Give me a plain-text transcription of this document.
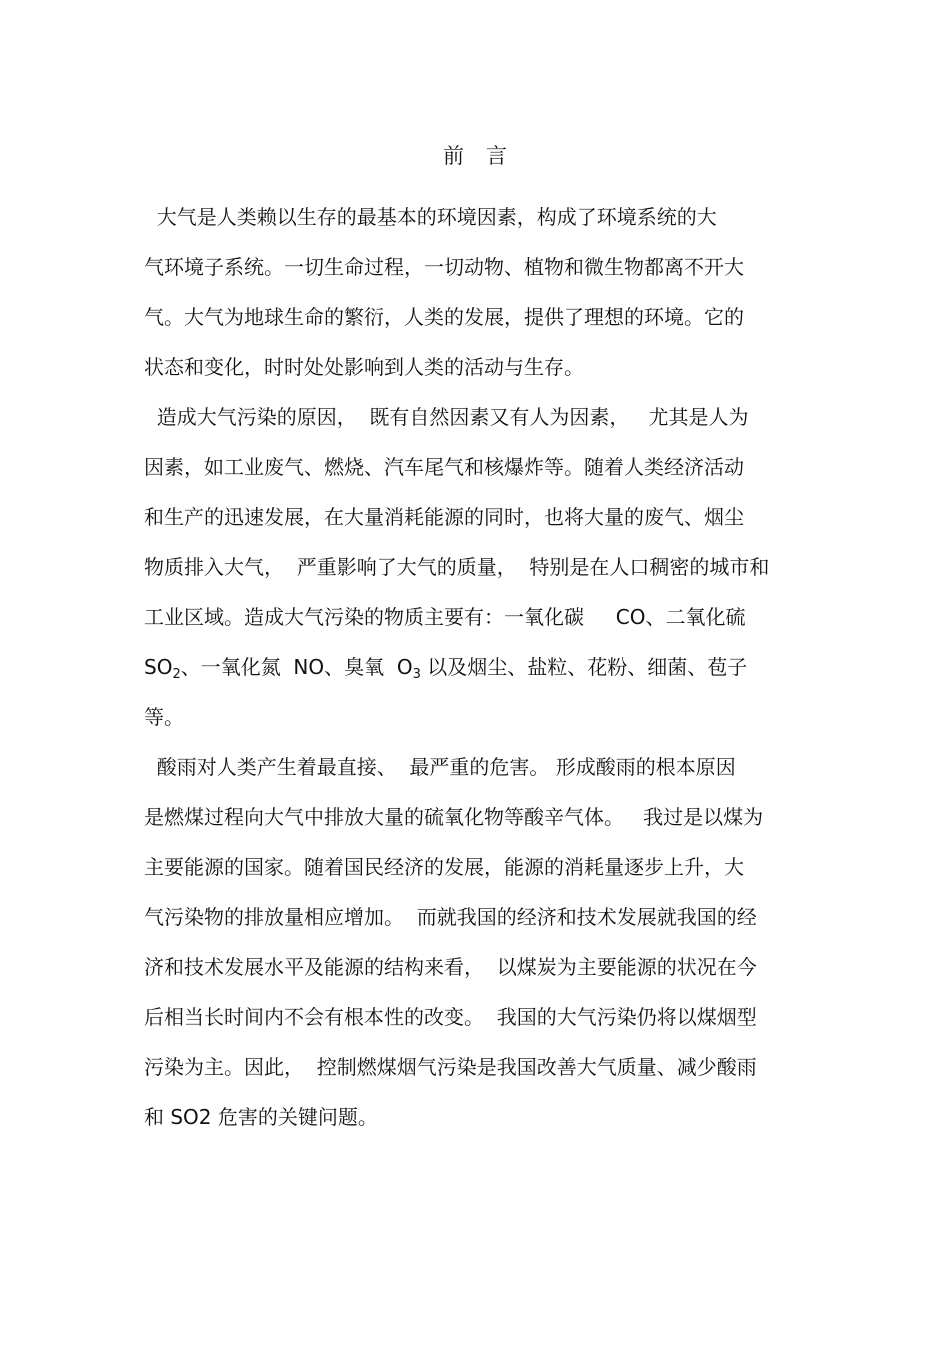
前言
大气是人类赖以生存的最基本的环境因素，构成了环境系统的大
气环境子系统。一切生命过程，一切动物、植物和微生物都离不开大
气。大气为地球生命的繁衍，人类的发展，提供了理想的环境。它的
状态和变化，时时处处影响到人类的活动与生存。
造成大气污染的原因，  既有自然因素又有人为因素，   尤其是人为
因素，如工业废气、燃烧、汽车尾气和核爆炸等。随着人类经济活动
和生产的迅速发展，在大量消耗能源的同时，也将大量的废气、烟尘
物质排入大气，  严重影响了大气的质量，  特别是在人口稠密的城市和
工业区域。造成大气污染的物质主要有：一氧化碳     CO、二氧化硫
$SO_2$、一氧化氮  NO、臭氧  $O_3$ 以及烟尘、盐粒、花粉、细菌、苞子
等。
酸雨对人类产生着最直接、  最严重的危害。 形成酸雨的根本原因
是燃煤过程向大气中排放大量的硫氧化物等酸辛气体。   我过是以煤为
主要能源的国家。随着国民经济的发展，能源的消耗量逐步上升，大
气污染物的排放量相应增加。  而就我国的经济和技术发展就我国的经
济和技术发展水平及能源的结构来看，  以煤炭为主要能源的状况在今
后相当长时间内不会有根本性的改变。  我国的大气污染仍将以煤烟型
污染为主。因此，  控制燃煤烟气污染是我国改善大气质量、减少酸雨
和 SO2 危害的关键问题。
